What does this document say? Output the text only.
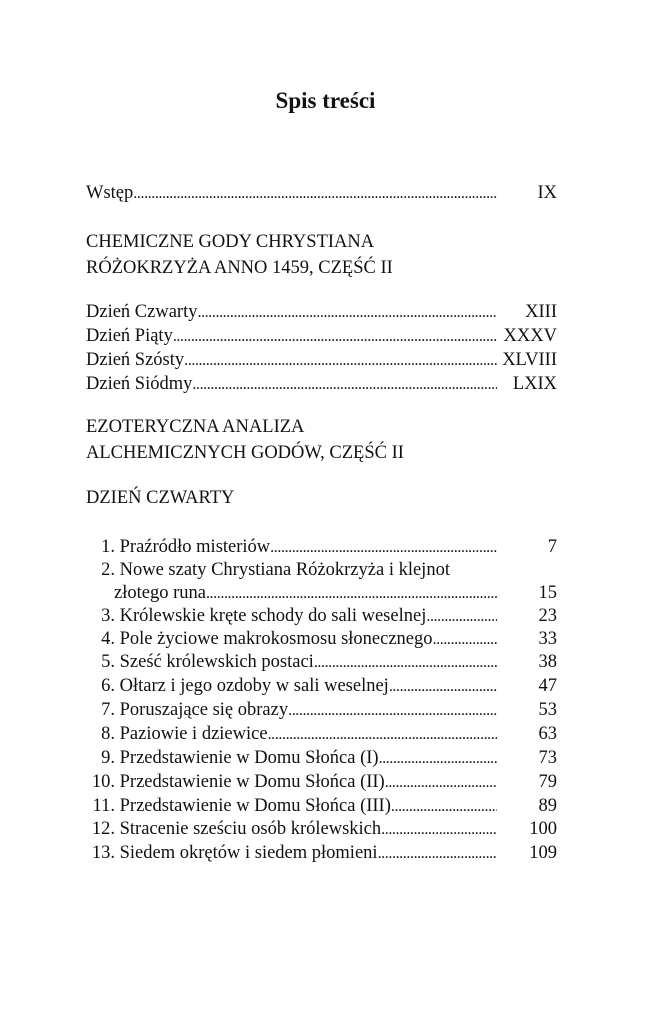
Spis treści
Wstęp . . .	IX
CHEMICZNE GODY CHRYSTIANA
RÓŻOKRZYŻA ANNO 1459, CZĘŚĆ II
Dzień Czwarty . . .	XIII
Dzień Piąty . . .	XXXV
Dzień Szósty . . .	XLVIII
Dzień Siódmy . . .	LXIX
EZOTERYCZNA ANALIZA
ALCHEMICZNYCH GODÓW, CZĘŚĆ II
DZIEŃ CZWARTY
1. Praźródło misteriów . . .	7
2. Nowe szaty Chrystiana Różokrzyża i klejnot
złotego runa . . .	15
3. Królewskie kręte schody do sali weselnej . . .	23
4. Pole życiowe makrokosmosu słonecznego . . .	33
5. Sześć królewskich postaci . . .	38
6. Ołtarz i jego ozdoby w sali weselnej . . .	47
7. Poruszające się obrazy . . .	53
8. Paziowie i dziewice . . .	63
9. Przedstawienie w Domu Słońca (I) . . .	73
10. Przedstawienie w Domu Słońca (II) . . .	79
11. Przedstawienie w Domu Słońca (III) . . .	89
12. Stracenie sześciu osób królewskich . . .	100
13. Siedem okrętów i siedem płomieni . . .	109
